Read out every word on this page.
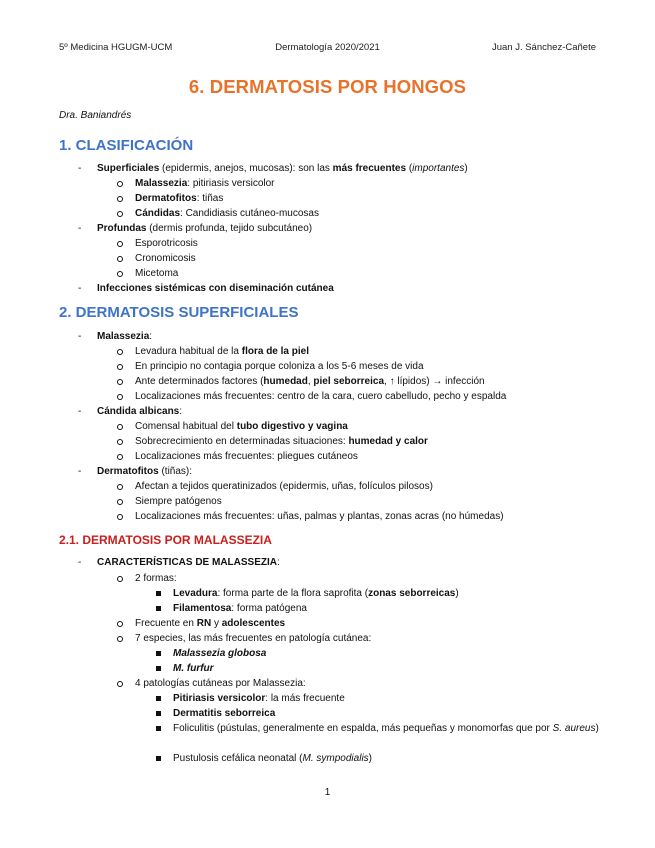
5º Medicina HGUGM-UCM	Dermatología 2020/2021	Juan J. Sánchez-Cañete
6. DERMATOSIS POR HONGOS
Dra. Baniandrés
1. CLASIFICACIÓN
-	Superficiales (epidermis, anejos, mucosas): son las más frecuentes (importantes)
Malassezia: pitiriasis versicolor
Dermatofitos: tiñas
Cándidas: Candidiasis cutáneo-mucosas
-	Profundas (dermis profunda, tejido subcutáneo)
Esporotricosis
Cronomicosis
Micetoma
-	Infecciones sistémicas con diseminación cutánea
2. DERMATOSIS SUPERFICIALES
-	Malassezia:
Levadura habitual de la flora de la piel
En principio no contagia porque coloniza a los 5-6 meses de vida
Ante determinados factores (humedad, piel seborreica, ↑ lípidos) → infección
Localizaciones más frecuentes: centro de la cara, cuero cabelludo, pecho y espalda
-	Cándida albicans:
Comensal habitual del tubo digestivo y vagina
Sobrecrecimiento en determinadas situaciones: humedad y calor
Localizaciones más frecuentes: pliegues cutáneos
-	Dermatofitos (tiñas):
Afectan a tejidos queratinizados (epidermis, uñas, folículos pilosos)
Siempre patógenos
Localizaciones más frecuentes: uñas, palmas y plantas, zonas acras (no húmedas)
2.1. DERMATOSIS POR MALASSEZIA
-	CARACTERÍSTICAS DE MALASSEZIA:
2 formas:
Levadura: forma parte de la flora saprofita (zonas seborreicas)
Filamentosa: forma patógena
Frecuente en RN y adolescentes
7 especies, las más frecuentes en patología cutánea:
Malassezia globosa
M. furfur
4 patologías cutáneas por Malassezia:
Pitiriasis versicolor: la más frecuente
Dermatitis seborreica
Foliculitis (pústulas, generalmente en espalda, más pequeñas y monomorfas que por S. aureus)
Pustulosis cefálica neonatal (M. sympodialis)
1
